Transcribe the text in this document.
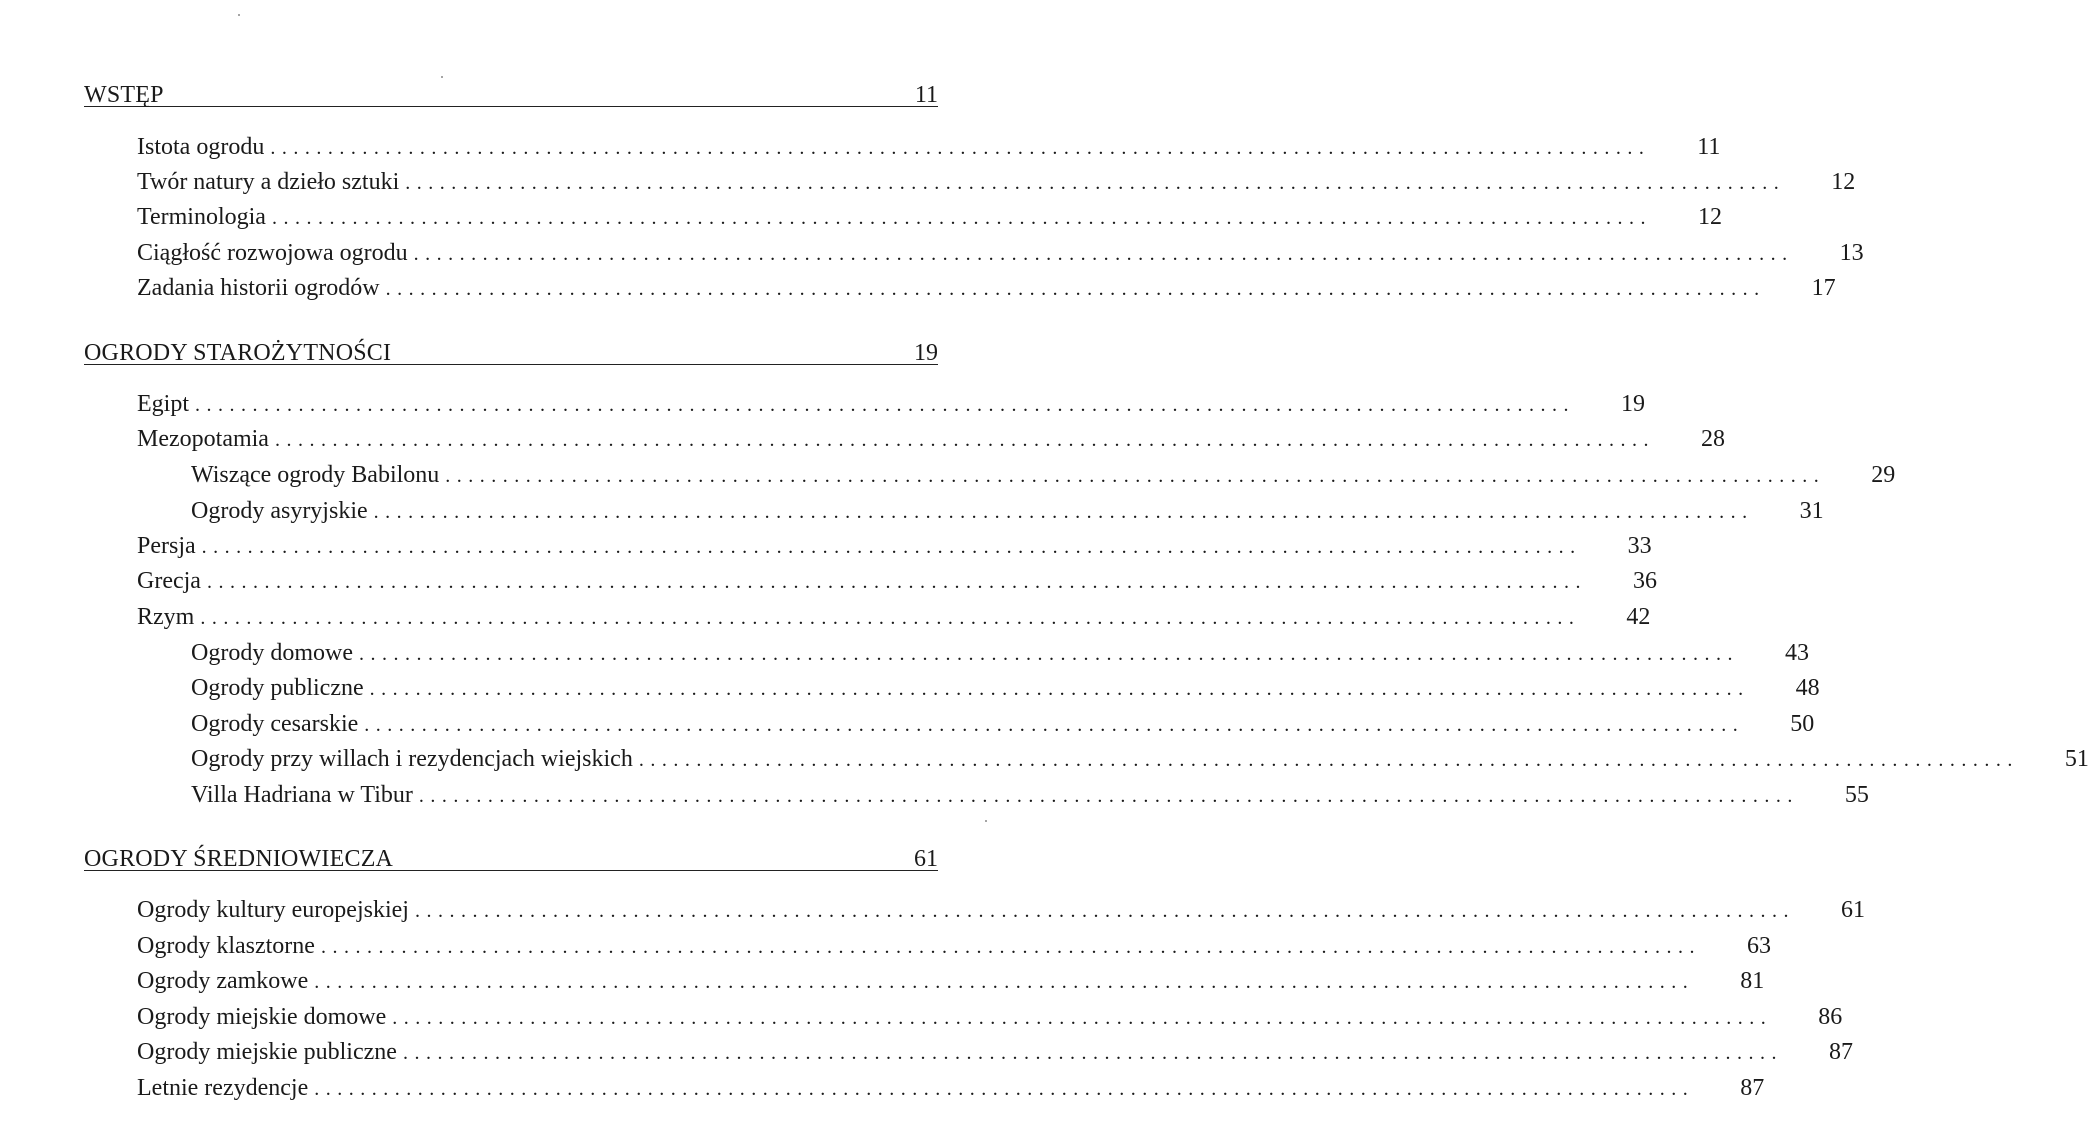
WSTĘP	11
Istota ogrodu ........................................................................................................................	11
Twór natury a dzieło sztuki ........................................................................................................................	12
Terminologia ........................................................................................................................	12
Ciągłość rozwojowa ogrodu ........................................................................................................................	13
Zadania historii ogrodów ........................................................................................................................	17
OGRODY STAROŻYTNOŚCI	19
Egipt ........................................................................................................................	19
Mezopotamia ........................................................................................................................	28
Wiszące ogrody Babilonu ........................................................................................................................	29
Ogrody asyryjskie ........................................................................................................................	31
Persja ........................................................................................................................	33
Grecja ........................................................................................................................	36
Rzym ........................................................................................................................	42
Ogrody domowe ........................................................................................................................	43
Ogrody publiczne ........................................................................................................................	48
Ogrody cesarskie ........................................................................................................................	50
Ogrody przy willach i rezydencjach wiejskich ........................................................................................................................	51
Villa Hadriana w Tibur ........................................................................................................................	55
OGRODY ŚREDNIOWIECZA	61
Ogrody kultury europejskiej ........................................................................................................................	61
Ogrody klasztorne ........................................................................................................................	63
Ogrody zamkowe ........................................................................................................................	81
Ogrody miejskie domowe ........................................................................................................................	86
Ogrody miejskie publiczne ........................................................................................................................	87
Letnie rezydencje ........................................................................................................................	87
